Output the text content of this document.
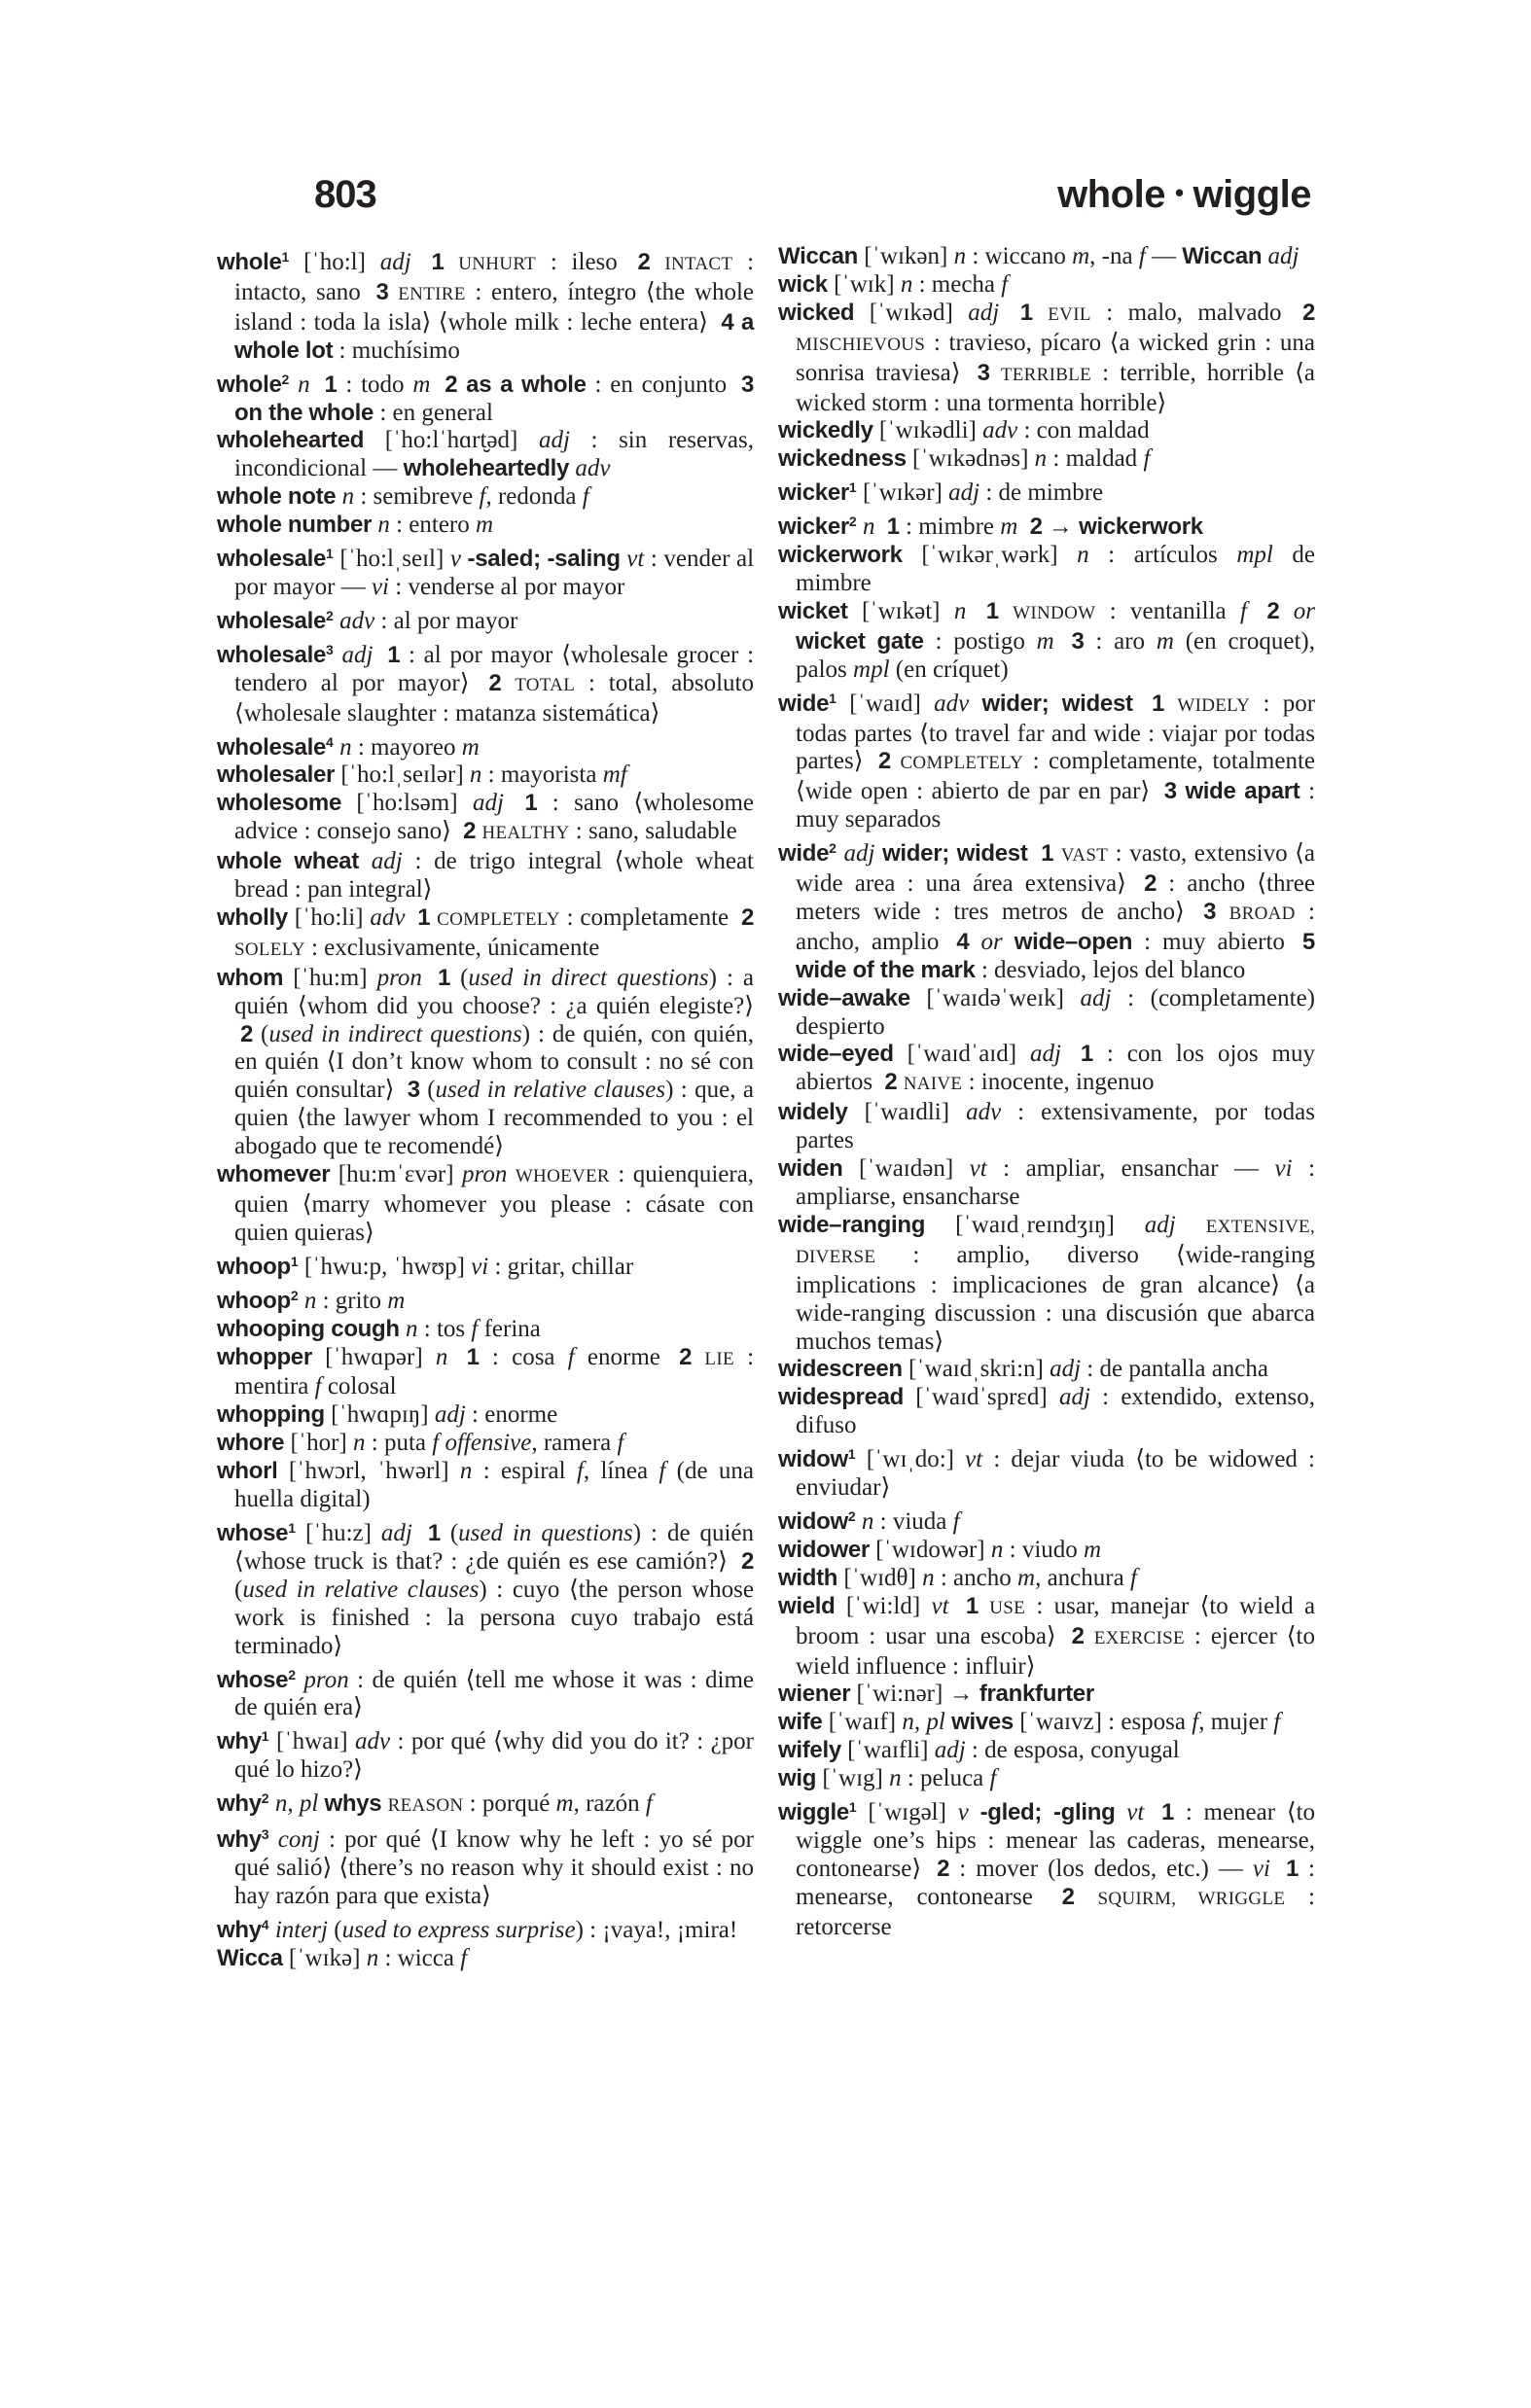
803	whole • wiggle

whole$^1$ [ˈho:l] adj 1 UNHURT : ileso 2 INTACT : intacto, sano 3 ENTIRE : entero, íntegro ⟨the whole island : toda la isla⟩ ⟨whole milk : leche entera⟩ 4 a whole lot : muchísimo

whole$^2$ n 1 : todo m 2 as a whole : en conjunto 3 on the whole : en general

wholehearted [ˈho:lˈhɑrt̮əd] adj : sin reservas, incondicional — wholeheartedly adv

whole note n : semibreve f, redonda f

whole number n : entero m

wholesale$^1$ [ˈho:lˌseɪl] v -saled; -saling vt : vender al por mayor — vi : venderse al por mayor

wholesale$^2$ adv : al por mayor

wholesale$^3$ adj 1 : al por mayor ⟨wholesale grocer : tendero al por mayor⟩ 2 TOTAL : total, absoluto ⟨wholesale slaughter : matanza sistemática⟩

wholesale$^4$ n : mayoreo m

wholesaler [ˈho:lˌseɪlər] n : mayorista mf

wholesome [ˈho:lsəm] adj 1 : sano ⟨wholesome advice : consejo sano⟩ 2 HEALTHY : sano, saludable

whole wheat adj : de trigo integral ⟨whole wheat bread : pan integral⟩

wholly [ˈho:li] adv 1 COMPLETELY : completamente 2 SOLELY : exclusivamente, únicamente

whom [ˈhu:m] pron 1 (used in direct questions) : a quién ⟨whom did you choose? : ¿a quién elegiste?⟩ 2 (used in indirect questions) : de quién, con quién, en quién ⟨I don’t know whom to consult : no sé con quién consultar⟩ 3 (used in relative clauses) : que, a quien ⟨the lawyer whom I recommended to you : el abogado que te recomendé⟩

whomever [hu:mˈɛvər] pron WHOEVER : quienquiera, quien ⟨marry whomever you please : cásate con quien quieras⟩

whoop$^1$ [ˈhwu:p, ˈhwʊp] vi : gritar, chillar

whoop$^2$ n : grito m

whooping cough n : tos f ferina

whopper [ˈhwɑpər] n 1 : cosa f enorme 2 LIE : mentira f colosal

whopping [ˈhwɑpɪŋ] adj : enorme

whore [ˈhor] n : puta f offensive, ramera f

whorl [ˈhwɔrl, ˈhwərl] n : espiral f, línea f (de una huella digital)

whose$^1$ [ˈhu:z] adj 1 (used in questions) : de quién ⟨whose truck is that? : ¿de quién es ese camión?⟩ 2 (used in relative clauses) : cuyo ⟨the person whose work is finished : la persona cuyo trabajo está terminado⟩

whose$^2$ pron : de quién ⟨tell me whose it was : dime de quién era⟩

why$^1$ [ˈhwaɪ] adv : por qué ⟨why did you do it? : ¿por qué lo hizo?⟩

why$^2$ n, pl whys REASON : porqué m, razón f

why$^3$ conj : por qué ⟨I know why he left : yo sé por qué salió⟩ ⟨there’s no reason why it should exist : no hay razón para que exista⟩

why$^4$ interj (used to express surprise) : ¡vaya!, ¡mira!

Wicca [ˈwɪkə] n : wicca f

Wiccan [ˈwɪkən] n : wiccano m, -na f — Wiccan adj

wick [ˈwɪk] n : mecha f

wicked [ˈwɪkəd] adj 1 EVIL : malo, malvado 2 MISCHIEVOUS : travieso, pícaro ⟨a wicked grin : una sonrisa traviesa⟩ 3 TERRIBLE : terrible, horrible ⟨a wicked storm : una tormenta horrible⟩

wickedly [ˈwɪkədli] adv : con maldad

wickedness [ˈwɪkədnəs] n : maldad f

wicker$^1$ [ˈwɪkər] adj : de mimbre

wicker$^2$ n 1 : mimbre m 2 → wickerwork

wickerwork [ˈwɪkərˌwərk] n : artículos mpl de mimbre

wicket [ˈwɪkət] n 1 WINDOW : ventanilla f 2 or wicket gate : postigo m 3 : aro m (en croquet), palos mpl (en críquet)

wide$^1$ [ˈwaɪd] adv wider; widest 1 WIDELY : por todas partes ⟨to travel far and wide : viajar por todas partes⟩ 2 COMPLETELY : completamente, totalmente ⟨wide open : abierto de par en par⟩ 3 wide apart : muy separados

wide$^2$ adj wider; widest 1 VAST : vasto, extensivo ⟨a wide area : una área extensiva⟩ 2 : ancho ⟨three meters wide : tres metros de ancho⟩ 3 BROAD : ancho, amplio 4 or wide–open : muy abierto 5 wide of the mark : desviado, lejos del blanco

wide–awake [ˈwaɪdəˈweɪk] adj : (completamente) despierto

wide–eyed [ˈwaɪdˈaɪd] adj 1 : con los ojos muy abiertos 2 NAIVE : inocente, ingenuo

widely [ˈwaɪdli] adv : extensivamente, por todas partes

widen [ˈwaɪdən] vt : ampliar, ensanchar — vi : ampliarse, ensancharse

wide–ranging [ˈwaɪdˌreɪndʒɪŋ] adj EXTENSIVE, DIVERSE : amplio, diverso ⟨wide-ranging implications : implicaciones de gran alcance⟩ ⟨a wide-ranging discussion : una discusión que abarca muchos temas⟩

widescreen [ˈwaɪdˌskri:n] adj : de pantalla ancha

widespread [ˈwaɪdˈsprɛd] adj : extendido, extenso, difuso

widow$^1$ [ˈwɪˌdo:] vt : dejar viuda ⟨to be widowed : enviudar⟩

widow$^2$ n : viuda f

widower [ˈwɪdowər] n : viudo m

width [ˈwɪdθ] n : ancho m, anchura f

wield [ˈwi:ld] vt 1 USE : usar, manejar ⟨to wield a broom : usar una escoba⟩ 2 EXERCISE : ejercer ⟨to wield influence : influir⟩

wiener [ˈwi:nər] → frankfurter

wife [ˈwaɪf] n, pl wives [ˈwaɪvz] : esposa f, mujer f

wifely [ˈwaɪfli] adj : de esposa, conyugal

wig [ˈwɪg] n : peluca f

wiggle$^1$ [ˈwɪgəl] v -gled; -gling vt 1 : menear ⟨to wiggle one’s hips : menear las caderas, menearse, contonearse⟩ 2 : mover (los dedos, etc.) — vi 1 : menearse, contonearse 2 SQUIRM, WRIGGLE : retorcerse
